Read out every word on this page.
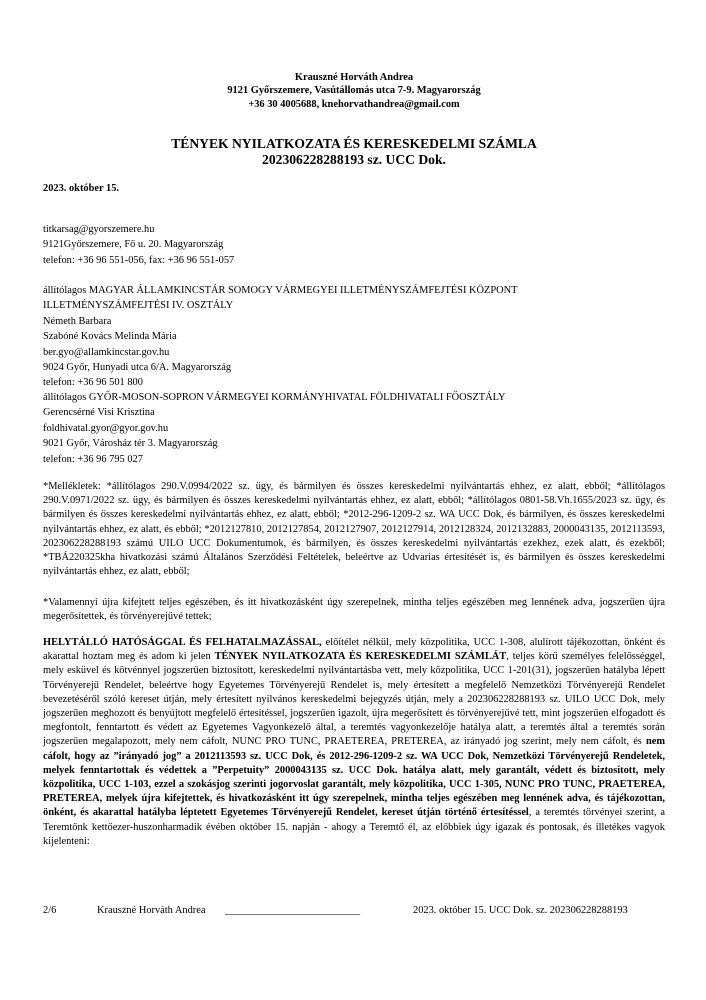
Krauszné Horváth Andrea
9121 Győrszemere, Vasútállomás utca 7-9. Magyarország
+36 30 4005688, knehorvathandrea@gmail.com
TÉNYEK NYILATKOZATA ÉS KERESKEDELMI SZÁMLA
202306228288193 sz. UCC Dok.
2023. október 15.
titkarsag@gyorszemere.hu
9121Győrszemere, Fő u. 20. Magyarország
telefon: +36 96 551-056, fax: +36 96 551-057
állítólagos MAGYAR ÁLLAMKINCSTÁR SOMOGY VÁRMEGYEI ILLETMÉNYSZÁMFEJTÉSI KÖZPONT
ILLETMÉNYSZÁMFEJTÉSI IV. OSZTÁLY
Németh Barbara
Szabóné Kovács Melinda Mária
ber.gyo@allamkincstar.gov.hu
9024 Győr, Hunyadi utca 6/A. Magyarország
telefon: +36 96 501 800
állítólagos GYŐR-MOSON-SOPRON VÁRMEGYEI KORMÁNYHIVATAL FÖLDHIVATALI FŐOSZTÁLY
Gerencsérné Visi Krisztina
foldhivatal.gyor@gyor.gov.hu
9021 Győr, Városház tér 3. Magyarország
telefon: +36 96 795 027

*Mellékletek: *állítólagos 290.V.0994/2022 sz. ügy, és bármilyen és összes kereskedelmi nyilvántartás ehhez, ez alatt, ebből; *állítólagos 290.V.0971/2022 sz. ügy, és bármilyen és összes kereskedelmi nyilvántartás ehhez, ez alatt, ebből; *állítólagos 0801-58.Vh.1655/2023 sz. ügy, és bármilyen és összes kereskedelmi nyilvántartás ehhez, ez alatt, ebből; *2012-296-1209-2 sz. WA UCC Dok, és bármilyen, és összes kereskedelmi nyilvántartás ehhez, ez alatt, és ebből; *2012127810, 2012127854, 2012127907, 2012127914, 2012128324, 2012132883, 2000043135, 2012113593, 202306228288193 számú UILO UCC Dokumentumok, és bármilyen, és összes kereskedelmi nyilvántartás ezekhez, ezek alatt, és ezekből; *TBÁ220325kha hivatkozási számú Általános Szerződési Feltételek, beleértve az Udvarias értesítését is, és bármilyen és összes kereskedelmi nyilvántartás ehhez, ez alatt, ebből;

*Valamennyi újra kifejtett teljes egészében, és itt hivatkozásként úgy szerepelnek, mintha teljes egészében meg lennének adva, jogszerűen újra megerősítettek, és törvényerejűvé tettek;

HELYTÁLLÓ HATÓSÁGGAL ÉS FELHATALMAZÁSSAL, előítélet nélkül, mely közpolitika, UCC 1-308, alulírott tájékozottan, önként és akarattal hoztam meg és adom ki jelen TÉNYEK NYILATKOZATA ÉS KERESKEDELMI SZÁMLÁT, teljes körű személyes felelősséggel, mely esküvel és kötvénnyel jogszerűen biztosított, kereskedelmi nyilvántartásba vett, mely közpolitika, UCC 1-201(31), jogszerűen hatályba lépett Törvényerejű Rendelet, beleértve hogy Egyetemes Törvényerejű Rendelet is, mely értesített a megfelelő Nemzetközi Törvényerejű Rendelet bevezetéséről szóló kereset útján, mely értesített nyilvános kereskedelmi bejegyzés útján, mely a 202306228288193 sz. UILO UCC Dok, mely jogszerűen meghozott és benyújtott megfelelő értesítéssel, jogszerűen igazolt, újra megerősített és törvényerejűvé tett, mint jogszerűen elfogadott és megfontolt, fenntartott és védett az Egyetemes Vagyonkezelő által, a teremtés vagyonkezelője hatálya alatt, a teremtés által a teremtés során jogszerűen megalapozott, mely nem cáfolt, NUNC PRO TUNC, PRAETEREA, PRETEREA, az irányadó jog szerint, mely nem cáfolt, és nem cáfolt, hogy az ”irányadó jog” a 2012113593 sz. UCC Dok, és 2012-296-1209-2 sz. WA UCC Dok, Nemzetközi Törvényerejű Rendeletek, melyek fenntartottak és védettek a ”Perpetuity” 2000043135 sz. UCC Dok. hatálya alatt, mely garantált, védett és biztosított, mely közpolitika, UCC 1-103, ezzel a szokásjog szerinti jogorvoslat garantált, mely közpolitika, UCC 1-305, NUNC PRO TUNC, PRAETEREA, PRETEREA, melyek újra kifejtettek, és hivatkozásként itt úgy szerepelnek, mintha teljes egészében meg lennének adva, és tájékozottan, önként, és akarattal hatályba léptetett Egyetemes Törvényerejű Rendelet, kereset útján történő értesítéssel, a teremtés törvényei szerint, a Teremtőnk kettőezer-huszonharmadik évében október 15. napján - ahogy a Teremtő él, az előbbiek úgy igazak és pontosak, és illetékes vagyok kijelenteni:

2/6	Krauszné Horváth Andrea __________________________	2023. október 15. UCC Dok. sz. 202306228288193
